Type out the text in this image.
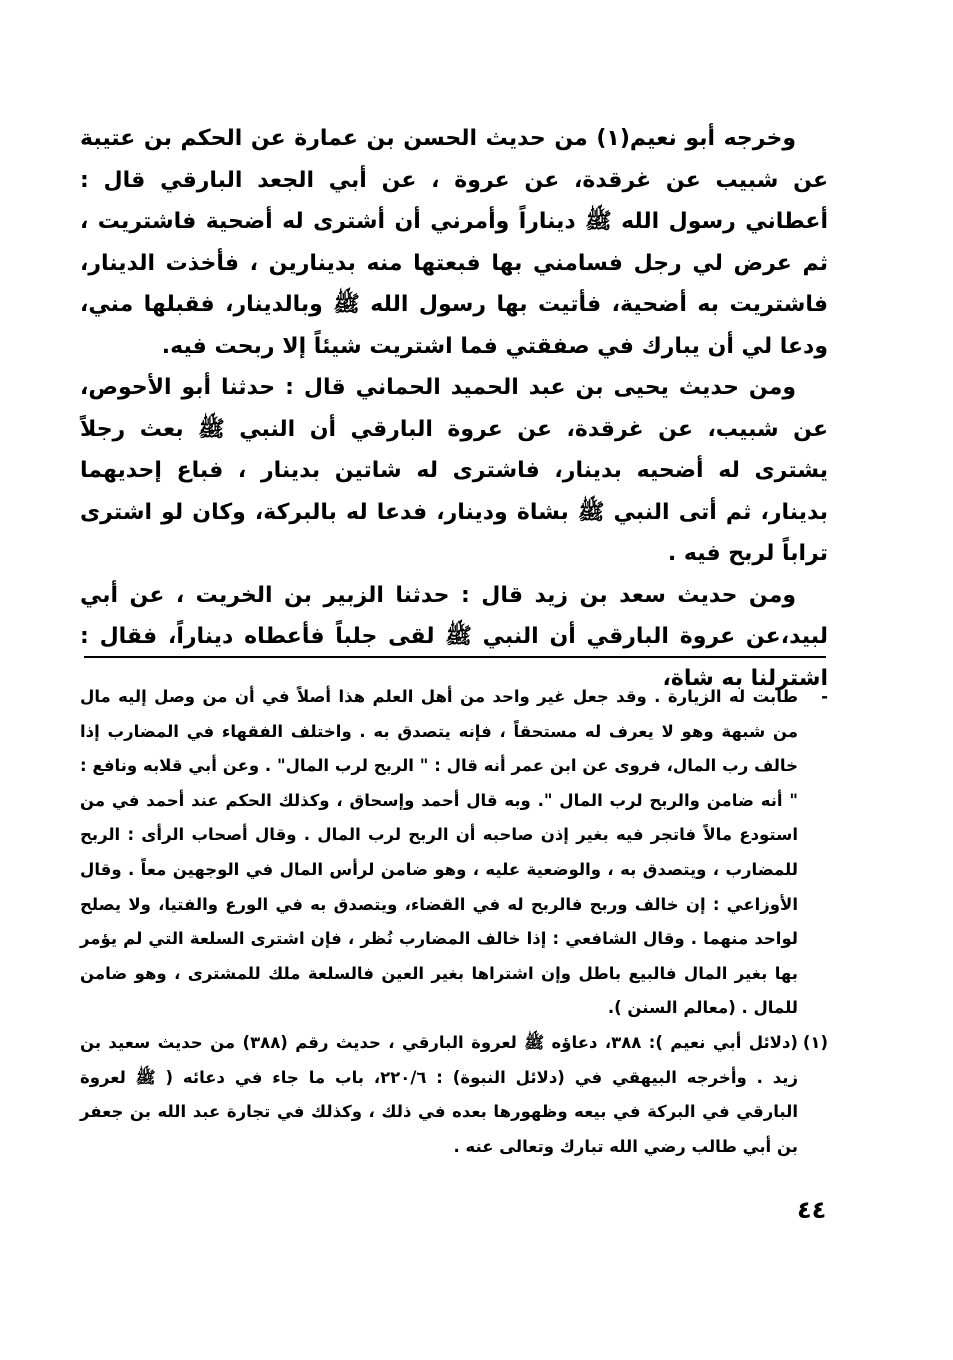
وخرجه أبو نعيم(١) من حديث الحسن بن عمارة عن الحكم بن عتيبة عن شبيب عن غرقدة، عن عروة ، عن أبي الجعد البارقي قال : أعطاني رسول الله ﷺ ديناراً وأمرني أن أشترى له أضحية فاشتريت ، ثم عرض لي رجل فسامني بها فبعتها منه بدينارين ، فأخذت الدينار، فاشتريت به أضحية، فأتيت بها رسول الله ﷺ وبالدينار، فقبلها مني، ودعا لي أن يبارك في صفقتي فما اشتريت شيئاً إلا ربحت فيه.

ومن حديث يحيى بن عبد الحميد الحماني قال : حدثنا أبو الأحوص، عن شبيب، عن غرقدة، عن عروة البارقي أن النبي ﷺ بعث رجلاً يشترى له أضحيه بدينار، فاشترى له شاتين بدينار ، فباع إحديهما بدينار، ثم أتى النبي ﷺ بشاة ودينار، فدعا له بالبركة، وكان لو اشترى تراباً لربح فيه .

ومن حديث سعد بن زيد قال : حدثنا الزبير بن الخريت ، عن أبي لبيد،عن عروة البارقي أن النبي ﷺ لقى جلباً فأعطاه ديناراً، فقال : اشترلنا به شاة،

-
طابت له الزيارة . وقد جعل غير واحد من أهل العلم هذا أصلاً في أن من وصل إليه مال من شبهة وهو لا يعرف له مستحقاً ، فإنه يتصدق به . واختلف الفقهاء في المضارب إذا خالف رب المال، فروى عن ابن عمر أنه قال : " الربح لرب المال" . وعن أبي قلابه ونافع : " أنه ضامن والربح لرب المال ". وبه قال أحمد وإسحاق ، وكذلك الحكم عند أحمد في من استودع مالاً فاتجر فيه بغير إذن صاحبه أن الربح لرب المال . وقال أصحاب الرأى : الربح للمضارب ، ويتصدق به ، والوضعية عليه ، وهو ضامن لرأس المال في الوجهين معاً . وقال الأوزاعي : إن خالف وربح فالربح له في القضاء، ويتصدق به في الورع والفتيا، ولا يصلح لواحد منهما . وقال الشافعي : إذا خالف المضارب نُظر ، فإن اشترى السلعة التي لم يؤمر بها بغير المال فالبيع باطل وإن اشتراها بغير العين فالسلعة ملك للمشترى ، وهو ضامن للمال . (معالم السنن ).
(١)
(دلائل أبي نعيم ): ٣٨٨، دعاؤه ﷺ لعروة البارقي ، حديث رقم (٣٨٨) من حديث سعيد بن زيد . وأخرجه البيهقي في (دلائل النبوة) : ٢٢٠/٦، باب ما جاء في دعائه ( ﷺ لعروة البارقي في البركة في بيعه وظهورها بعده في ذلك ، وكذلك في تجارة عبد الله بن جعفر بن أبي طالب رضي الله تبارك وتعالى عنه .
٤٤
